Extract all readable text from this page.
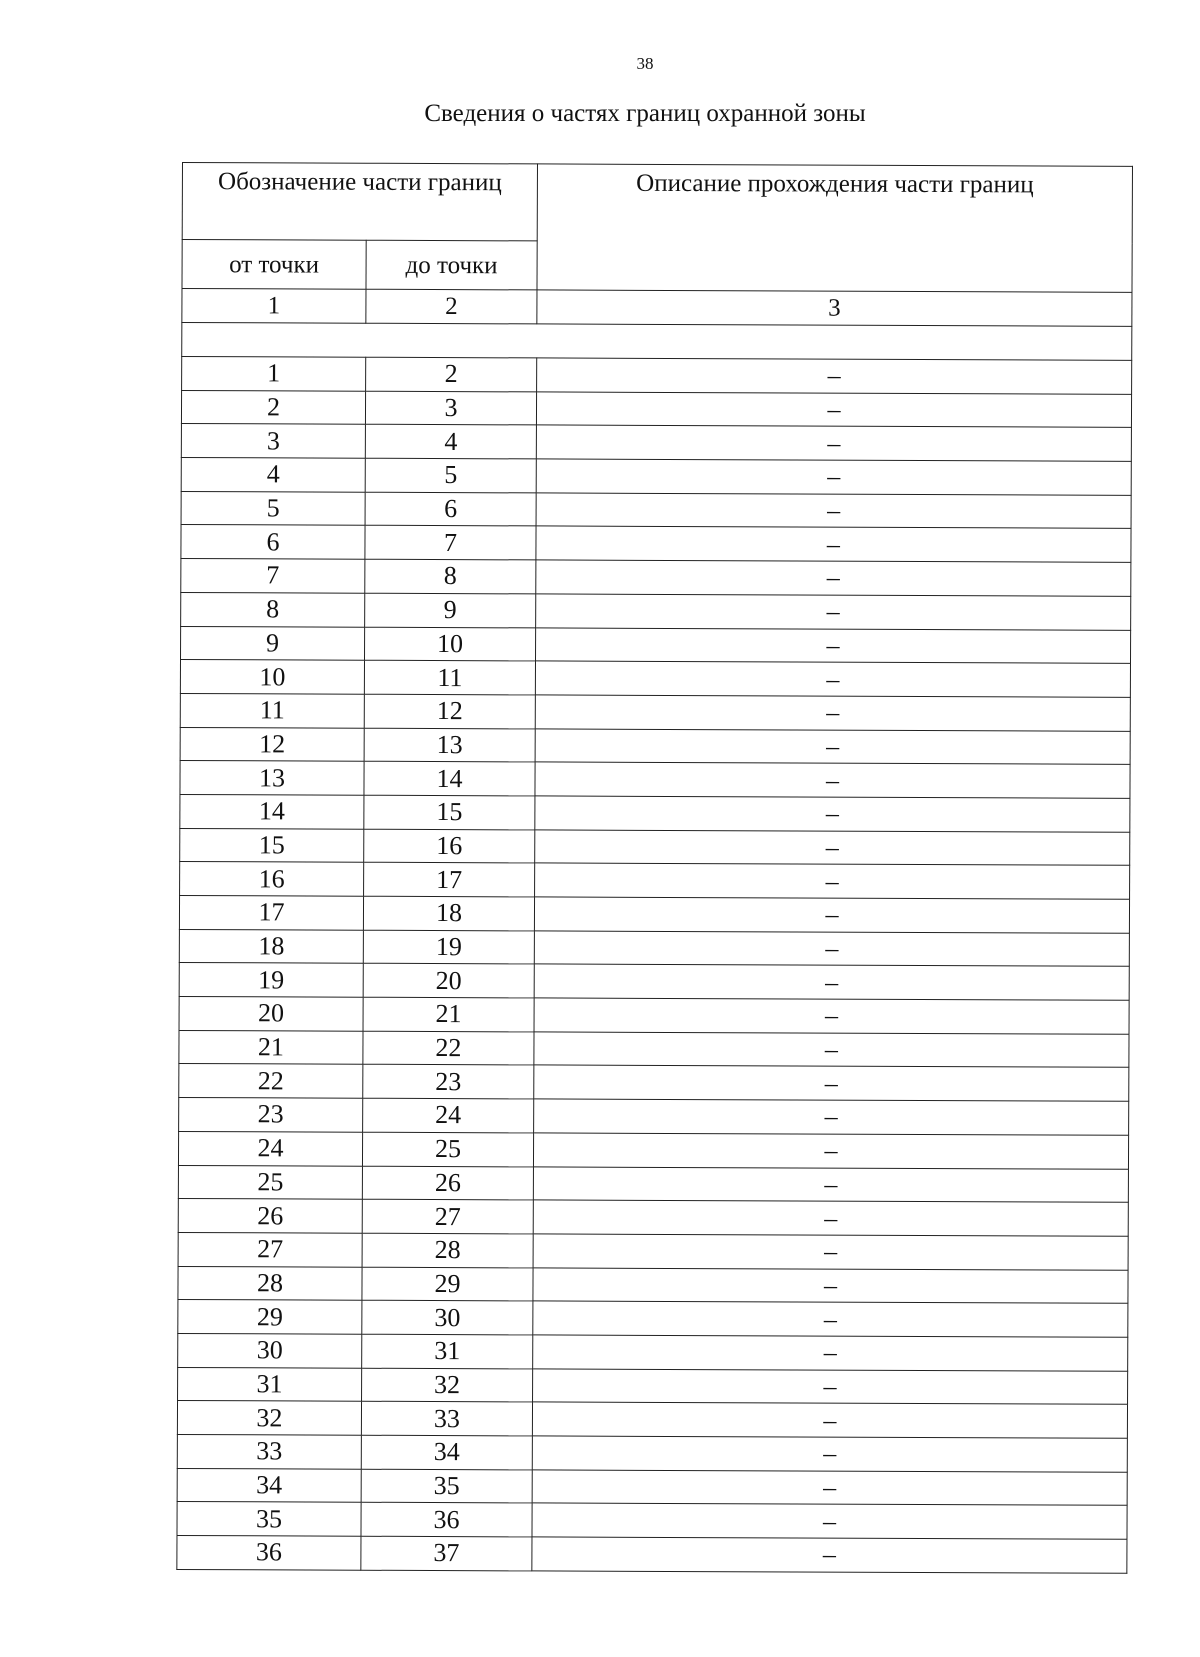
38
Сведения о частях границ охранной зоны
Обозначение части границ		Описание прохождения части границ
от точки	до точки	
1	2	3

1	2	–
2	3	–
3	4	–
4	5	–
5	6	–
6	7	–
7	8	–
8	9	–
9	10	–
10	11	–
11	12	–
12	13	–
13	14	–
14	15	–
15	16	–
16	17	–
17	18	–
18	19	–
19	20	–
20	21	–
21	22	–
22	23	–
23	24	–
24	25	–
25	26	–
26	27	–
27	28	–
28	29	–
29	30	–
30	31	–
31	32	–
32	33	–
33	34	–
34	35	–
35	36	–
36	37	–
